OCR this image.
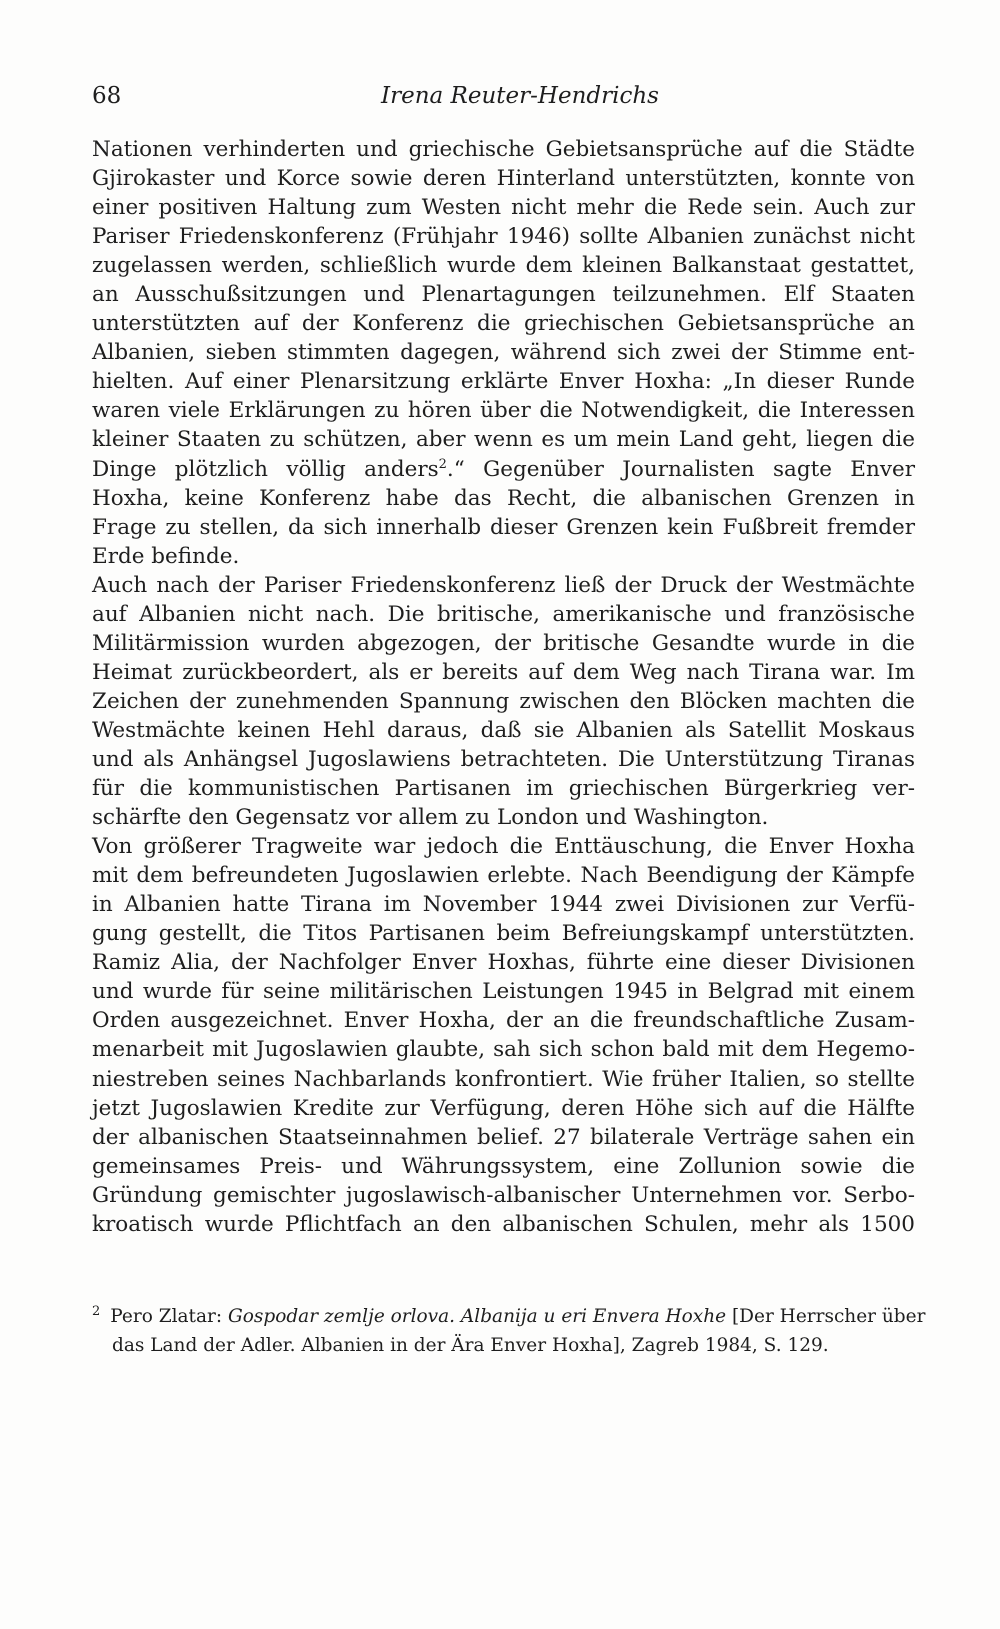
68	Irena Reuter-Hendrichs
Nationen verhinderten und griechische Gebietsansprüche auf die Städte
Gjirokaster und Korce sowie deren Hinterland unterstützten, konnte von
einer positiven Haltung zum Westen nicht mehr die Rede sein. Auch zur
Pariser Friedenskonferenz (Frühjahr 1946) sollte Albanien zunächst nicht
zugelassen werden, schließlich wurde dem kleinen Balkanstaat gestattet,
an Ausschußsitzungen und Plenartagungen teilzunehmen. Elf Staaten
unterstützten auf der Konferenz die griechischen Gebietsansprüche an
Albanien, sieben stimmten dagegen, während sich zwei der Stimme ent-
hielten. Auf einer Plenarsitzung erklärte Enver Hoxha: „In dieser Runde
waren viele Erklärungen zu hören über die Notwendigkeit, die Interessen
kleiner Staaten zu schützen, aber wenn es um mein Land geht, liegen die
Dinge plötzlich völlig anders$^2$.“ Gegenüber Journalisten sagte Enver
Hoxha, keine Konferenz habe das Recht, die albanischen Grenzen in
Frage zu stellen, da sich innerhalb dieser Grenzen kein Fußbreit fremder
Erde befinde.
Auch nach der Pariser Friedenskonferenz ließ der Druck der Westmächte
auf Albanien nicht nach. Die britische, amerikanische und französische
Militärmission wurden abgezogen, der britische Gesandte wurde in die
Heimat zurückbeordert, als er bereits auf dem Weg nach Tirana war. Im
Zeichen der zunehmenden Spannung zwischen den Blöcken machten die
Westmächte keinen Hehl daraus, daß sie Albanien als Satellit Moskaus
und als Anhängsel Jugoslawiens betrachteten. Die Unterstützung Tiranas
für die kommunistischen Partisanen im griechischen Bürgerkrieg ver-
schärfte den Gegensatz vor allem zu London und Washington.
Von größerer Tragweite war jedoch die Enttäuschung, die Enver Hoxha
mit dem befreundeten Jugoslawien erlebte. Nach Beendigung der Kämpfe
in Albanien hatte Tirana im November 1944 zwei Divisionen zur Verfü-
gung gestellt, die Titos Partisanen beim Befreiungskampf unterstützten.
Ramiz Alia, der Nachfolger Enver Hoxhas, führte eine dieser Divisionen
und wurde für seine militärischen Leistungen 1945 in Belgrad mit einem
Orden ausgezeichnet. Enver Hoxha, der an die freundschaftliche Zusam-
menarbeit mit Jugoslawien glaubte, sah sich schon bald mit dem Hegemo-
niestreben seines Nachbarlands konfrontiert. Wie früher Italien, so stellte
jetzt Jugoslawien Kredite zur Verfügung, deren Höhe sich auf die Hälfte
der albanischen Staatseinnahmen belief. 27 bilaterale Verträge sahen ein
gemeinsames Preis- und Währungssystem, eine Zollunion sowie die
Gründung gemischter jugoslawisch-albanischer Unternehmen vor. Serbo-
kroatisch wurde Pflichtfach an den albanischen Schulen, mehr als 1500
$^2$ Pero Zlatar: Gospodar zemlje orlova. Albanija u eri Envera Hoxhe [Der Herrscher über
das Land der Adler. Albanien in der Ära Enver Hoxha], Zagreb 1984, S. 129.
